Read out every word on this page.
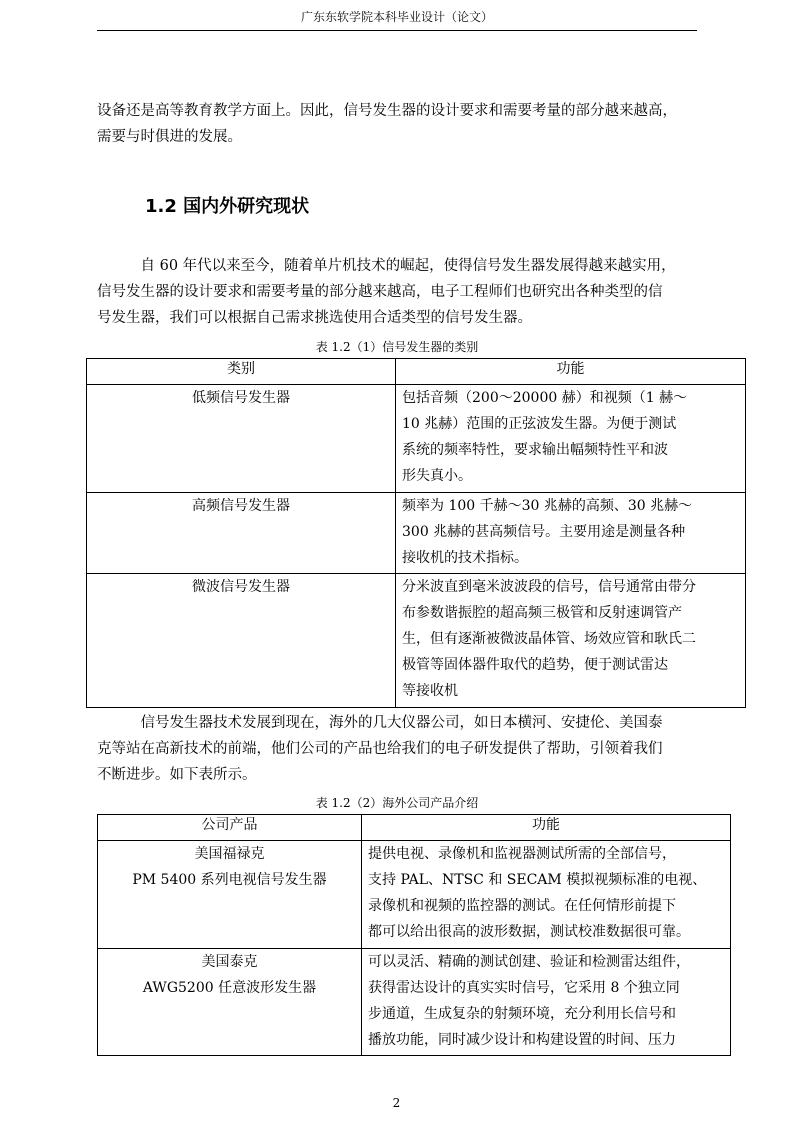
广东东软学院本科毕业设计（论文）

设备还是高等教育教学方面上。因此，信号发生器的设计要求和需要考量的部分越来越高，
需要与时俱进的发展。

1.2 国内外研究现状

　　　自 60 年代以来至今，随着单片机技术的崛起，使得信号发生器发展得越来越实用，
信号发生器的设计要求和需要考量的部分越来越高，电子工程师们也研究出各种类型的信
号发生器，我们可以根据自己需求挑选使用合适类型的信号发生器。

表 1.2（1）信号发生器的类别
类别	功能
低频信号发生器	包括音频（200～20000 赫）和视频（1 赫～
10 兆赫）范围的正弦波发生器。为便于测试
系统的频率特性，要求输出幅频特性平和波
形失真小。

高频信号发生器	频率为 100 千赫～30 兆赫的高频、30 兆赫～
300 兆赫的甚高频信号。主要用途是测量各种
接收机的技术指标。

微波信号发生器	分米波直到毫米波波段的信号，信号通常由带分
布参数谐振腔的超高频三极管和反射速调管产
生，但有逐渐被微波晶体管、场效应管和耿氏二
极管等固体器件取代的趋势，便于测试雷达
等接收机

　　　信号发生器技术发展到现在，海外的几大仪器公司，如日本横河、安捷伦、美国泰
克等站在高新技术的前端，他们公司的产品也给我们的电子研发提供了帮助，引领着我们
不断进步。如下表所示。

表 1.2（2）海外公司产品介绍
公司产品	功能

美国福禄克
PM 5400 系列电视信号发生器	提供电视、录像机和监视器测试所需的全部信号，
支持 PAL、NTSC 和 SECAM 模拟视频标准的电视、
录像机和视频的监控器的测试。在任何情形前提下
都可以给出很高的波形数据，测试校准数据很可靠。

美国泰克
AWG5200 任意波形发生器	可以灵活、精确的测试创建、验证和检测雷达组件，
获得雷达设计的真实实时信号，它采用 8 个独立同
步通道，生成复杂的射频环境，充分利用长信号和
播放功能，同时减少设计和构建设置的时间、压力
2
